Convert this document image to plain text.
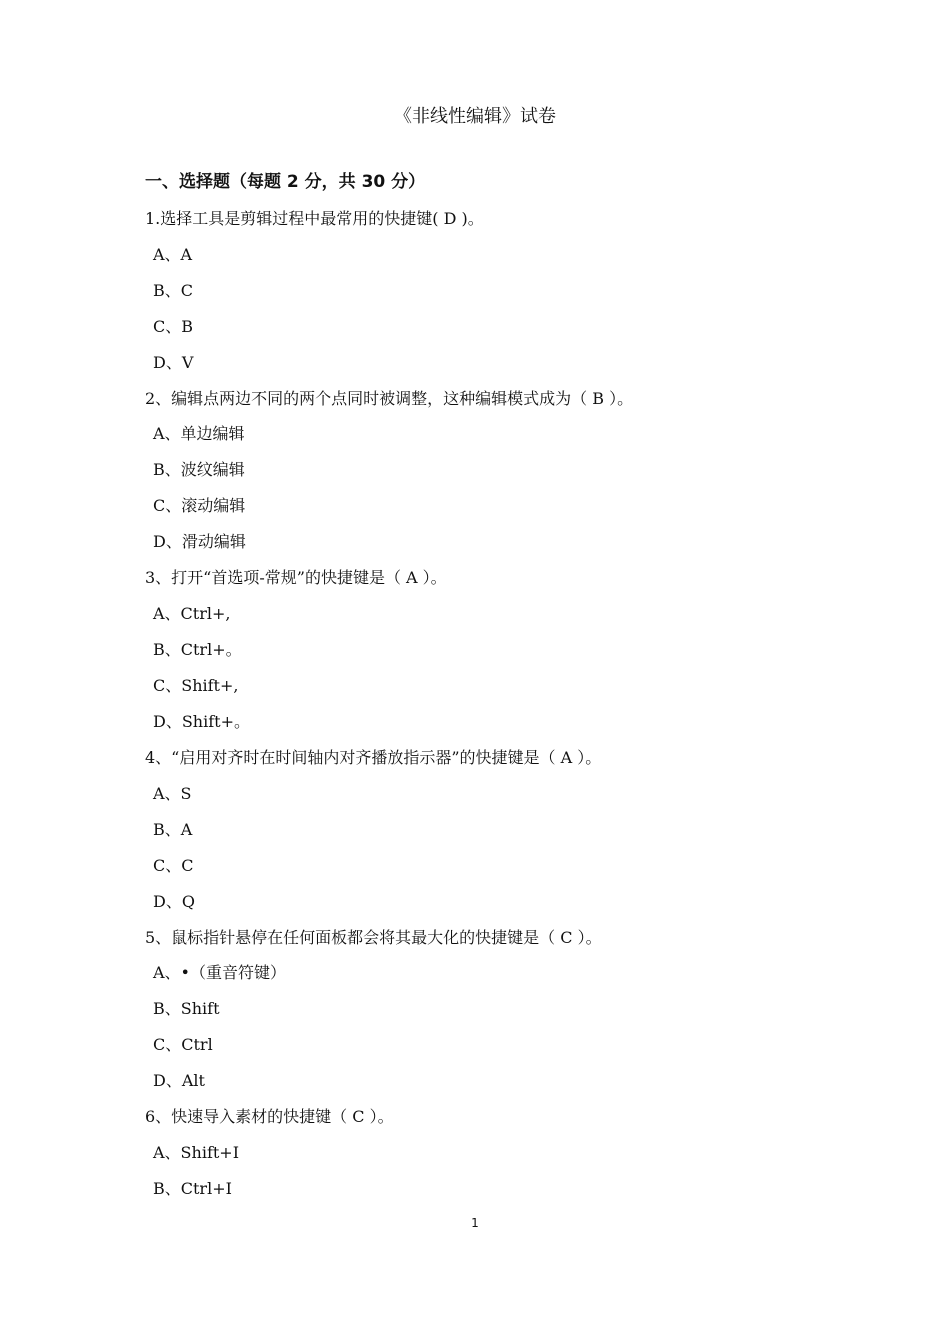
《非线性编辑》试卷
一、选择题（每题 2 分，共 30 分）
1.选择工具是剪辑过程中最常用的快捷键( D )。
A、A
B、C
C、B
D、V
2、编辑点两边不同的两个点同时被调整，这种编辑模式成为（ B ）。
A、单边编辑
B、波纹编辑
C、滚动编辑
D、滑动编辑
3、打开“首选项-常规”的快捷键是（ A ）。
A、Ctrl+,
B、Ctrl+。
C、Shift+,
D、Shift+。
4、“启用对齐时在时间轴内对齐播放指示器”的快捷键是（ A ）。
A、S
B、A
C、C
D、Q
5、鼠标指针悬停在任何面板都会将其最大化的快捷键是（ C ）。
A、•（重音符键）
B、Shift
C、Ctrl
D、Alt
6、快速导入素材的快捷键（ C ）。
A、Shift+I
B、Ctrl+I
1
